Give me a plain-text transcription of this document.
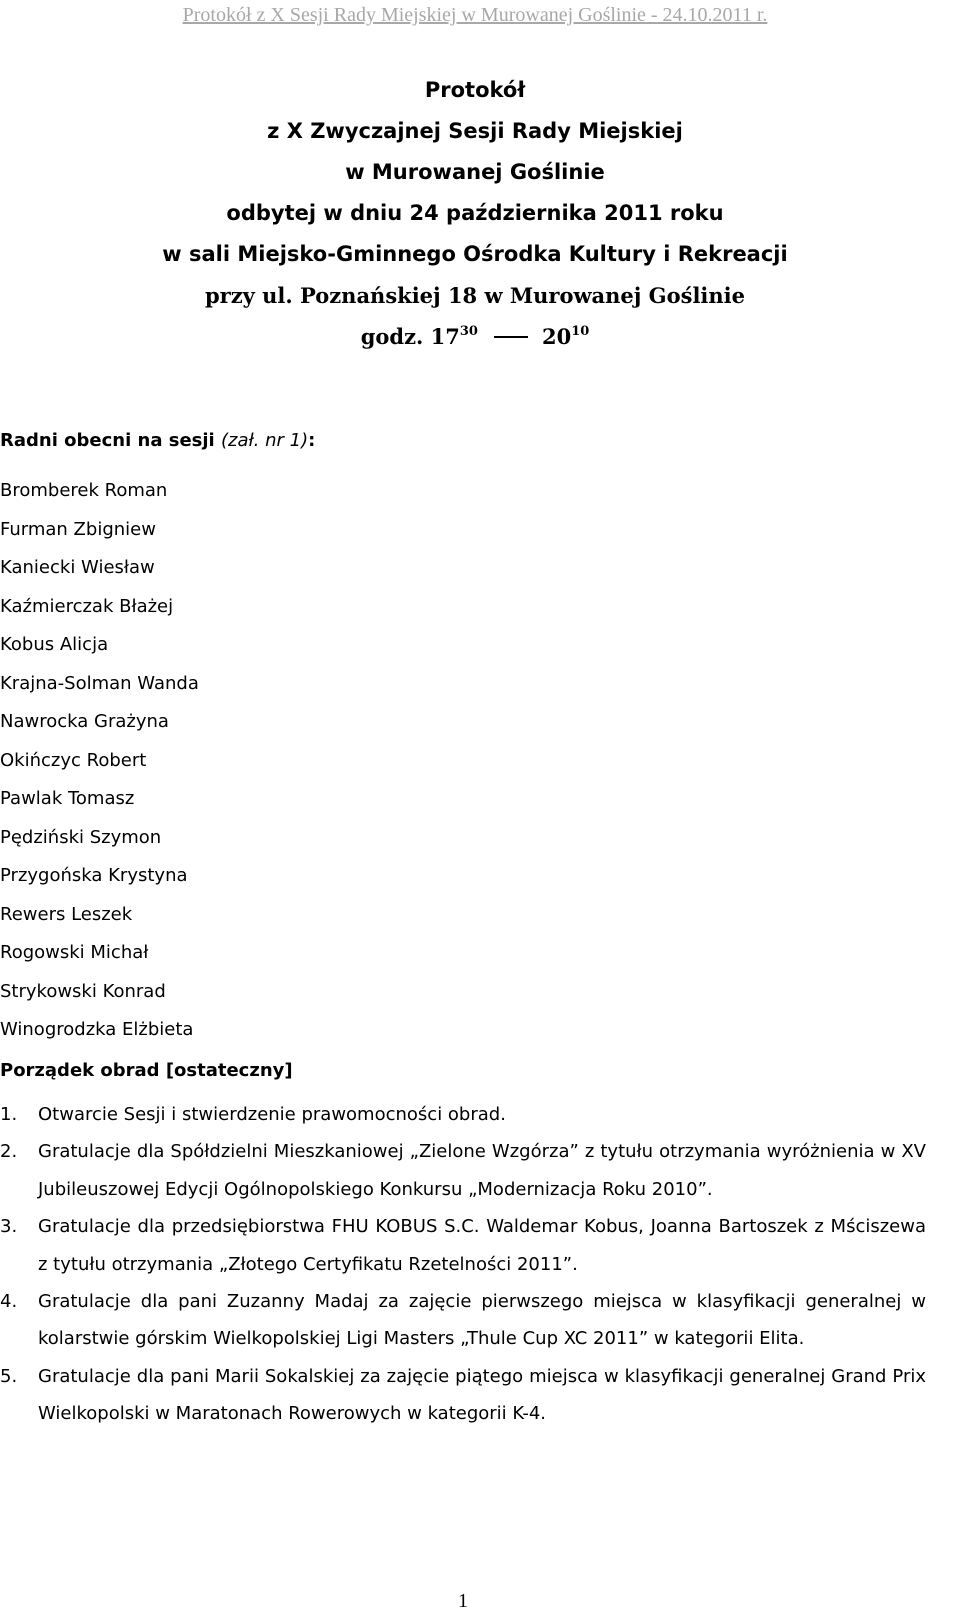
Protokół z X Sesji Rady Miejskiej w Murowanej Goślinie - 24.10.2011 r.
Protokół
z X Zwyczajnej Sesji Rady Miejskiej
w Murowanej Goślinie
odbytej w dniu 24 października 2011 roku
w sali Miejsko-Gminnego Ośrodka Kultury i Rekreacji
przy ul. Poznańskiej 18 w Murowanej Goślinie
godz. $17^{30}$	$20^{10}$
Radni obecni na sesji (zał. nr 1):
Bromberek Roman
Furman Zbigniew
Kaniecki Wiesław
Kaźmierczak Błażej
Kobus Alicja
Krajna-Solman Wanda
Nawrocka Grażyna
Okińczyc Robert
Pawlak Tomasz
Pędziński Szymon
Przygońska Krystyna
Rewers Leszek
Rogowski Michał
Strykowski Konrad
Winogrodzka Elżbieta
Porządek obrad [ostateczny]
1. Otwarcie Sesji i stwierdzenie prawomocności obrad.
2. Gratulacje dla Spółdzielni Mieszkaniowej „Zielone Wzgórza” z tytułu otrzymania wyróżnienia w XV Jubileuszowej Edycji Ogólnopolskiego Konkursu „Modernizacja Roku 2010”.
3. Gratulacje dla przedsiębiorstwa FHU KOBUS S.C. Waldemar Kobus, Joanna Bartoszek z Mściszewa z tytułu otrzymania „Złotego Certyfikatu Rzetelności 2011”.
4. Gratulacje dla pani Zuzanny Madaj za zajęcie pierwszego miejsca w klasyfikacji generalnej w kolarstwie górskim Wielkopolskiej Ligi Masters „Thule Cup XC 2011” w kategorii Elita.
5. Gratulacje dla pani Marii Sokalskiej za zajęcie piątego miejsca w klasyfikacji generalnej Grand Prix Wielkopolski w Maratonach Rowerowych w kategorii K-4.
1
